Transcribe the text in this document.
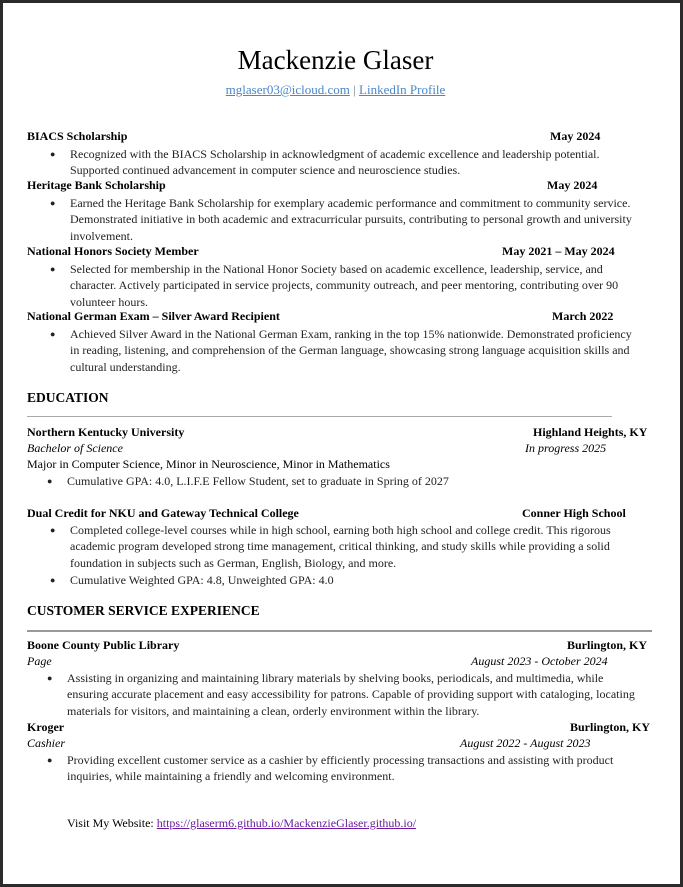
Mackenzie Glaser
mglaser03@icloud.com | LinkedIn Profile
BIACS Scholarship	May 2024
● Recognized with the BIACS Scholarship in acknowledgment of academic excellence and leadership potential.
Supported continued advancement in computer science and neuroscience studies.
Heritage Bank Scholarship	May 2024
● Earned the Heritage Bank Scholarship for exemplary academic performance and commitment to community service.
Demonstrated initiative in both academic and extracurricular pursuits, contributing to personal growth and university
involvement.
National Honors Society Member	May 2021 – May 2024
● Selected for membership in the National Honor Society based on academic excellence, leadership, service, and
character. Actively participated in service projects, community outreach, and peer mentoring, contributing over 90
volunteer hours.
National German Exam – Silver Award Recipient	March 2022
● Achieved Silver Award in the National German Exam, ranking in the top 15% nationwide. Demonstrated proficiency
in reading, listening, and comprehension of the German language, showcasing strong language acquisition skills and
cultural understanding.
EDUCATION
Northern Kentucky University	Highland Heights, KY
Bachelor of Science	In progress 2025
Major in Computer Science, Minor in Neuroscience, Minor in Mathematics
● Cumulative GPA: 4.0, L.I.F.E Fellow Student, set to graduate in Spring of 2027
Dual Credit for NKU and Gateway Technical College	Conner High School
● Completed college-level courses while in high school, earning both high school and college credit. This rigorous
academic program developed strong time management, critical thinking, and study skills while providing a solid
foundation in subjects such as German, English, Biology, and more.
● Cumulative Weighted GPA: 4.8, Unweighted GPA: 4.0
CUSTOMER SERVICE EXPERIENCE
Boone County Public Library	Burlington, KY
Page	August 2023 - October 2024
● Assisting in organizing and maintaining library materials by shelving books, periodicals, and multimedia, while
ensuring accurate placement and easy accessibility for patrons. Capable of providing support with cataloging, locating
materials for visitors, and maintaining a clean, orderly environment within the library.
Kroger	Burlington, KY
Cashier	August 2022 - August 2023
● Providing excellent customer service as a cashier by efficiently processing transactions and assisting with product
inquiries, while maintaining a friendly and welcoming environment.
Visit My Website: https://glaserm6.github.io/MackenzieGlaser.github.io/
